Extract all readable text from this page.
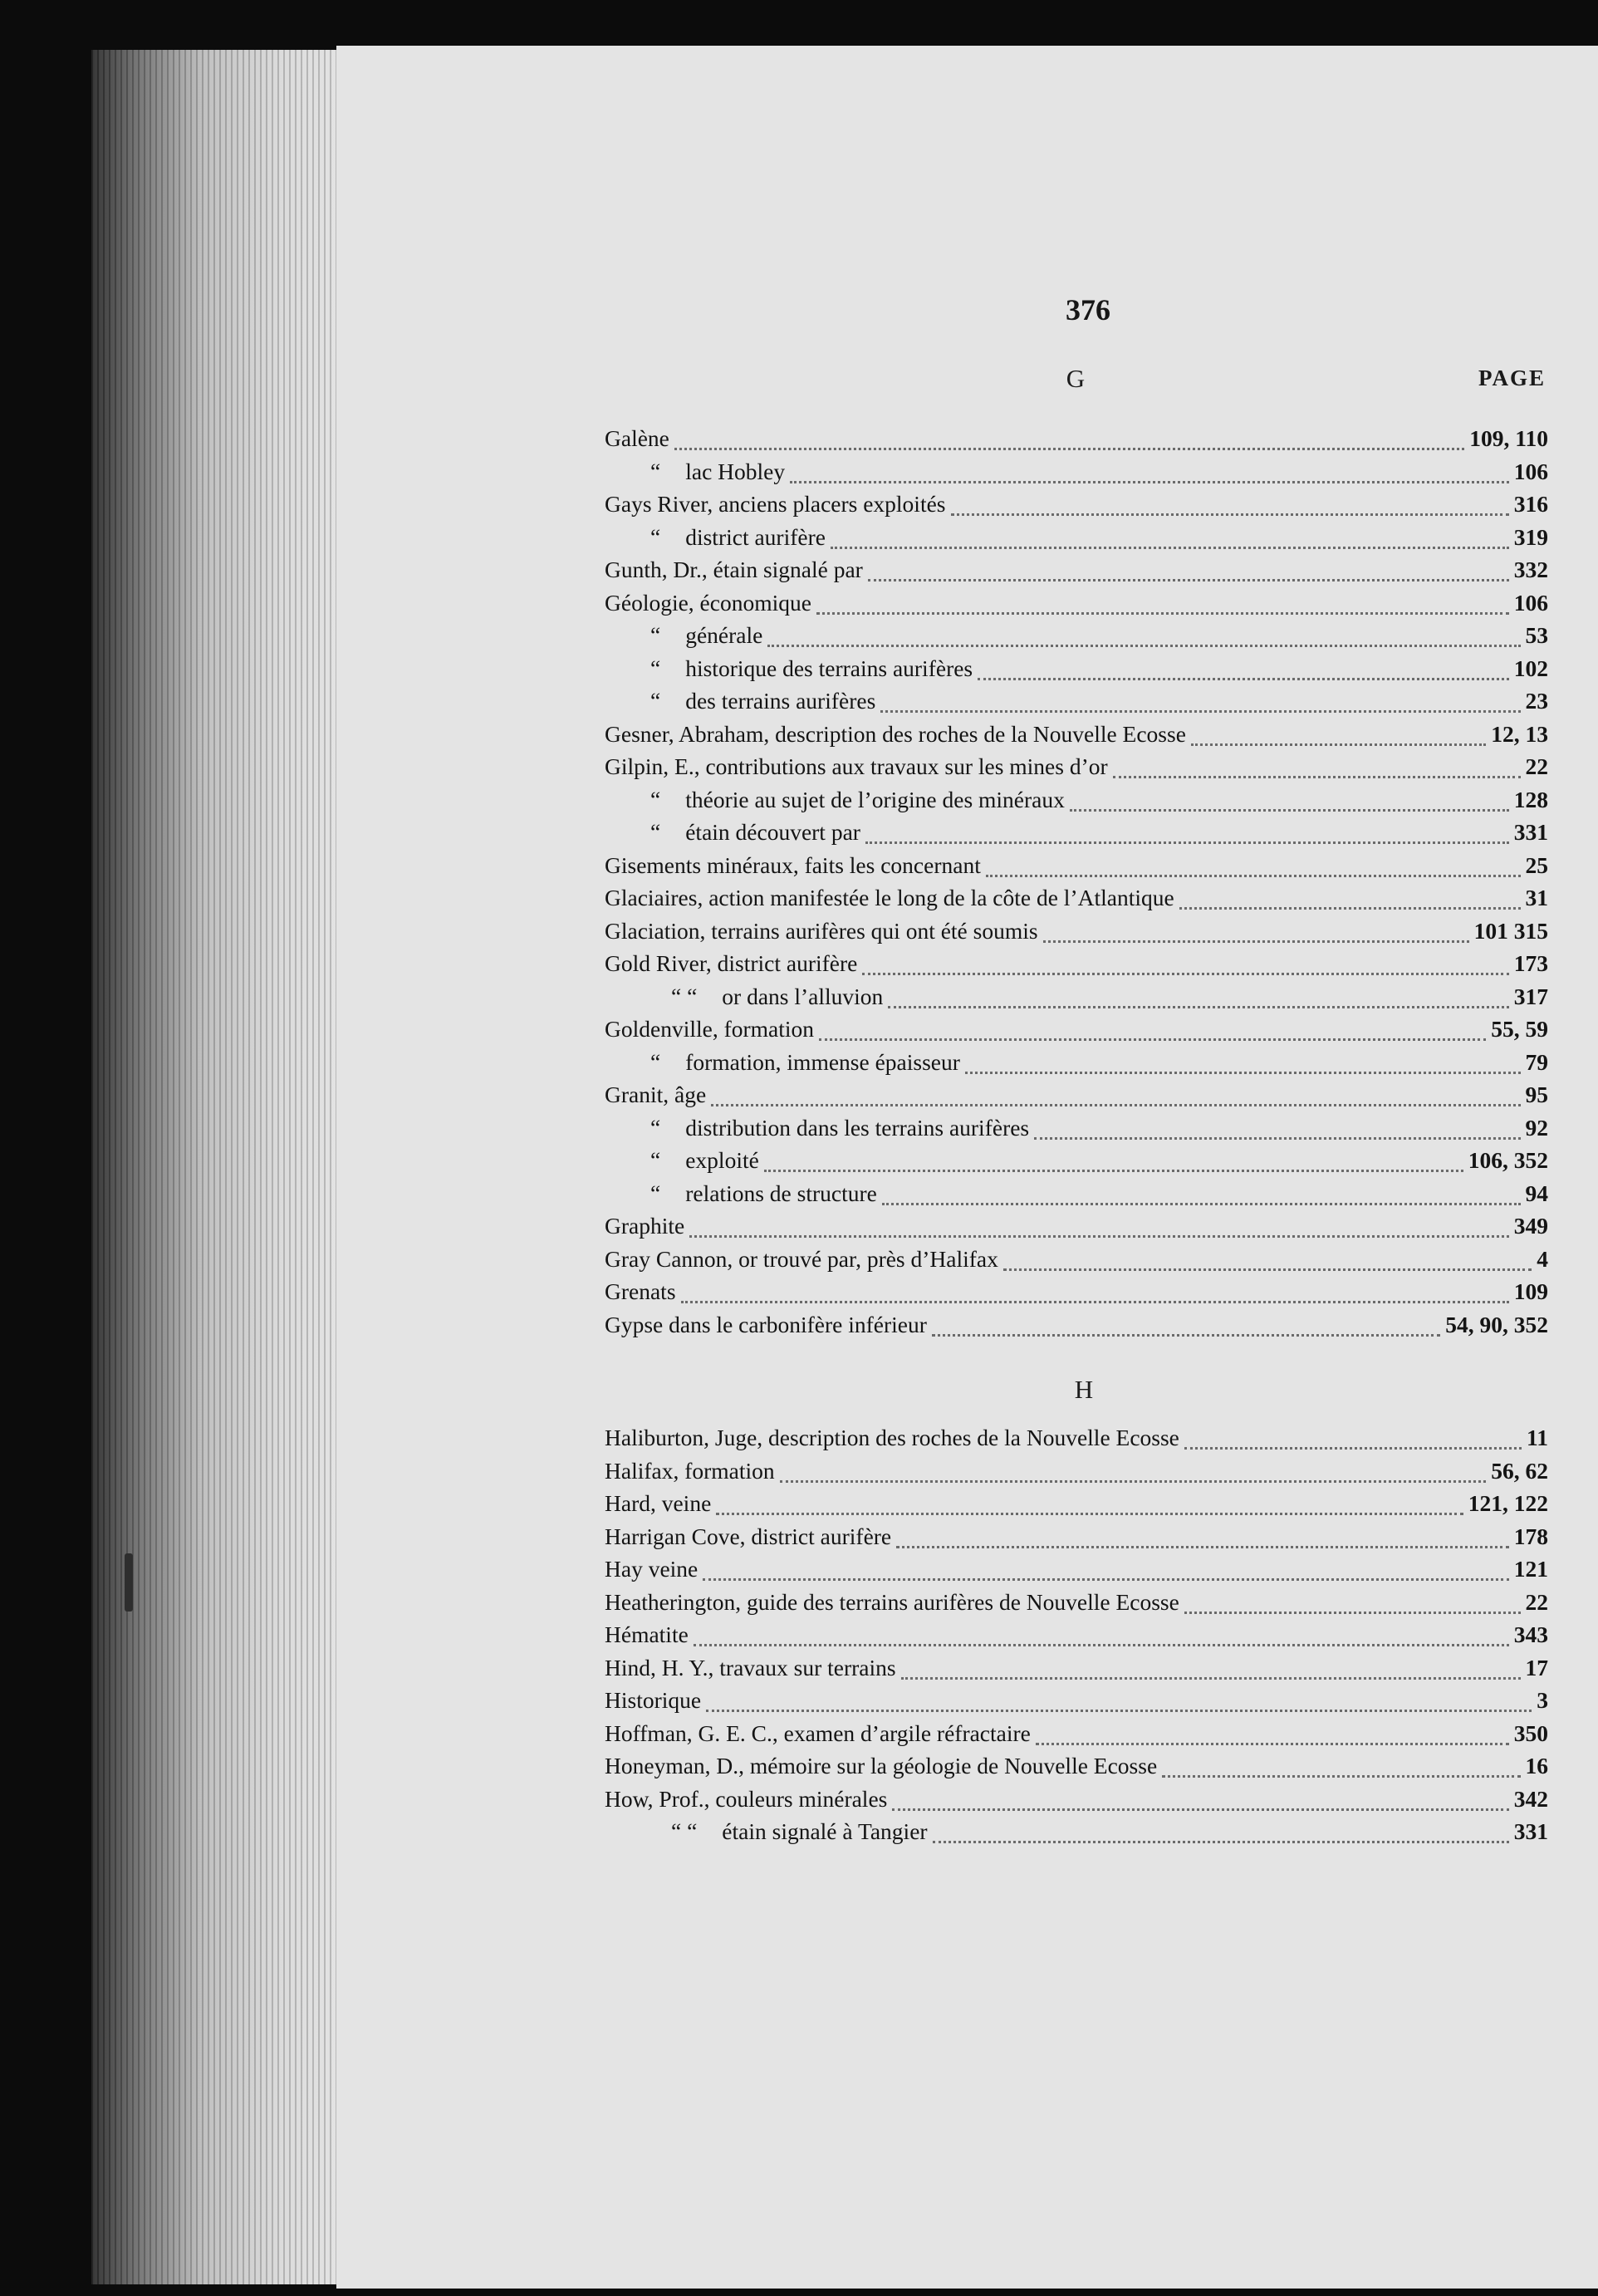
376
PAGE
G
Galène	109, 110
“ lac Hobley	106
Gays River, anciens placers exploités	316
“ district aurifère	319
Gunth, Dr., étain signalé par	332
Géologie, économique	106
“ générale	53
“ historique des terrains aurifères	102
“ des terrains aurifères	23
Gesner, Abraham, description des roches de la Nouvelle Ecosse	12, 13
Gilpin, E., contributions aux travaux sur les mines d’or	22
“ théorie au sujet de l’origine des minéraux	128
“ étain découvert par	331
Gisements minéraux, faits les concernant	25
Glaciaires, action manifestée le long de la côte de l’Atlantique	31
Glaciation, terrains aurifères qui ont été soumis	101 315
Gold River, district aurifère	173
“ “ or dans l’alluvion	317
Goldenville, formation	55, 59
“ formation, immense épaisseur	79
Granit, âge	95
“ distribution dans les terrains aurifères	92
“ exploité	106, 352
“ relations de structure	94
Graphite	349
Gray Cannon, or trouvé par, près d’Halifax	4
Grenats	109
Gypse dans le carbonifère inférieur	54, 90, 352
H
Haliburton, Juge, description des roches de la Nouvelle Ecosse	11
Halifax, formation	56, 62
Hard, veine	121, 122
Harrigan Cove, district aurifère	178
Hay veine	121
Heatherington, guide des terrains aurifères de Nouvelle Ecosse	22
Hématite	343
Hind, H. Y., travaux sur terrains	17
Historique	3
Hoffman, G. E. C., examen d’argile réfractaire	350
Honeyman, D., mémoire sur la géologie de Nouvelle Ecosse	16
How, Prof., couleurs minérales	342
“ “ étain signalé à Tangier	331
